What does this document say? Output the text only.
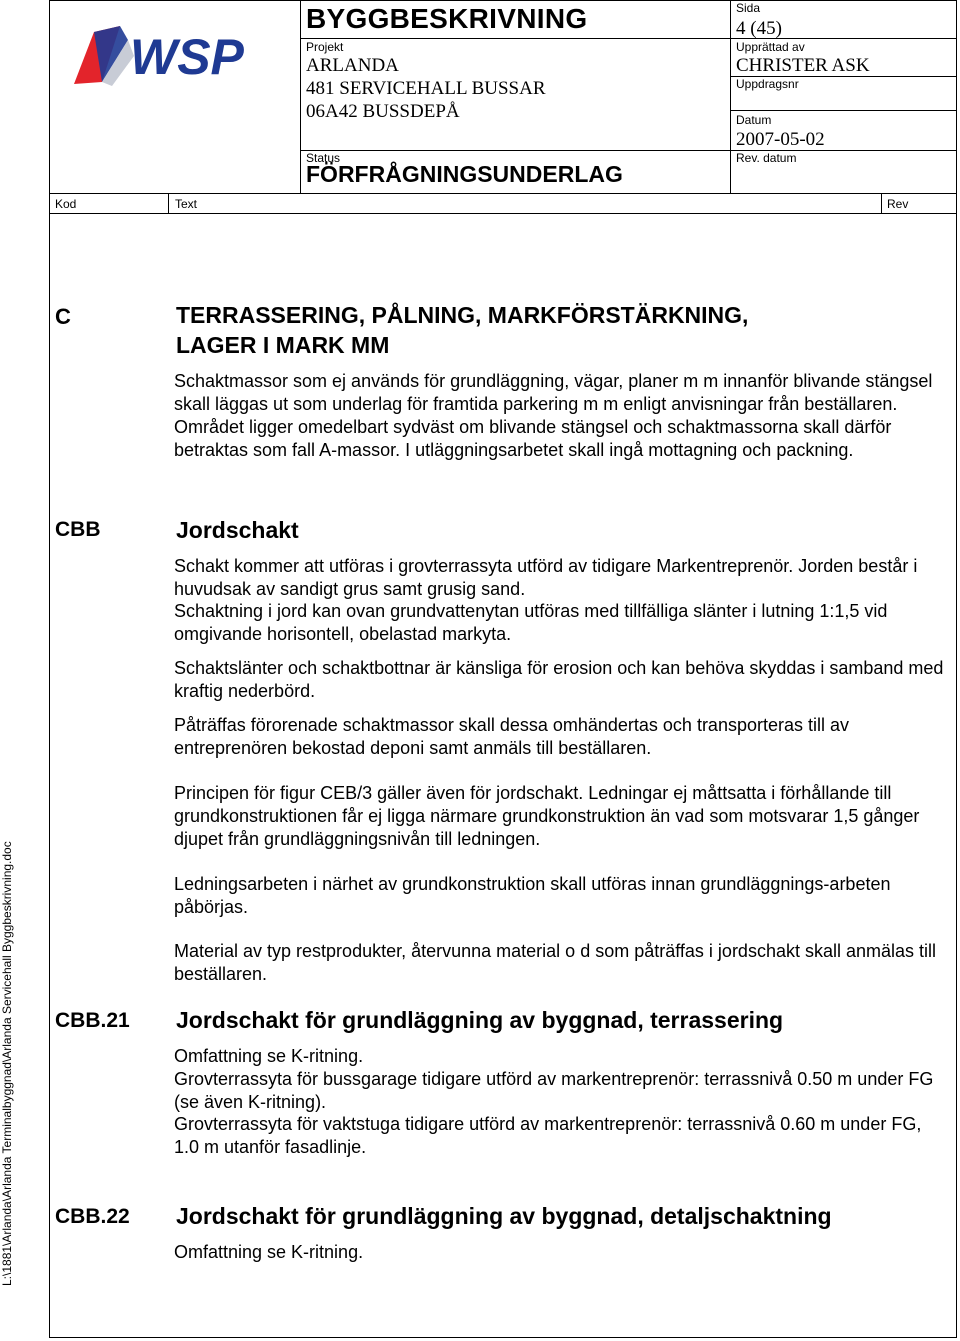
WSP
BYGGBESKRIVNING	Sida
4 (45)
Projekt
ARLANDA
481 SERVICEHALL BUSSAR
06A42 BUSSDEPÅ
Upprättad av
CHRISTER ASK
Uppdragsnr
Datum
2007-05-02
Status
FÖRFRÅGNINGSUNDERLAG
Rev. datum
Kod	Text	Rev
L:\1881\Arlanda\Arlanda Terminalbyggnad\Arlanda Servicehall Byggbeskrivning.doc
C	TERRASSERING, PÅLNING, MARKFÖRSTÄRKNING,
LAGER I MARK MM

Schaktmassor som ej används för grundläggning, vägar, planer m m innanför blivande stängsel skall läggas ut som underlag för framtida parkering m m enligt anvisningar från beställaren. Området ligger omedelbart sydväst om blivande stängsel och schaktmassorna skall därför betraktas som fall A-massor. I utläggningsarbetet skall ingå mottagning och packning.

CBB	Jordschakt

Schakt kommer att utföras i grovterrassyta utförd av tidigare Markentreprenör. Jorden består i huvudsak av sandigt grus samt grusig sand.

Schaktning i jord kan ovan grundvattenytan utföras med tillfälliga slänter i lutning 1:1,5 vid omgivande horisontell, obelastad markyta.

Schaktslänter och schaktbottnar är känsliga för erosion och kan behöva skyddas i samband med kraftig nederbörd.

Påträffas förorenade schaktmassor skall dessa omhändertas och transporteras till av entreprenören bekostad deponi samt anmäls till beställaren.

Principen för figur CEB/3 gäller även för jordschakt. Ledningar ej måttsatta i förhållande till grundkonstruktionen får ej ligga närmare grundkonstruktion än vad som motsvarar 1,5 gånger djupet från grundläggningsnivån till ledningen.

Ledningsarbeten i närhet av grundkonstruktion skall utföras innan grundläggnings-arbeten påbörjas.

Material av typ restprodukter, återvunna material o d som påträffas i jordschakt skall anmälas till beställaren.

CBB.21 Jordschakt för grundläggning av byggnad, terrassering

Omfattning se K-ritning.

Grovterrassyta för bussgarage tidigare utförd av markentreprenör: terrassnivå 0.50 m under FG (se även K-ritning).

Grovterrassyta för vaktstuga tidigare utförd av markentreprenör: terrassnivå 0.60 m under FG, 1.0 m utanför fasadlinje.

CBB.22 Jordschakt för grundläggning av byggnad, detaljschaktning

Omfattning se K-ritning.
